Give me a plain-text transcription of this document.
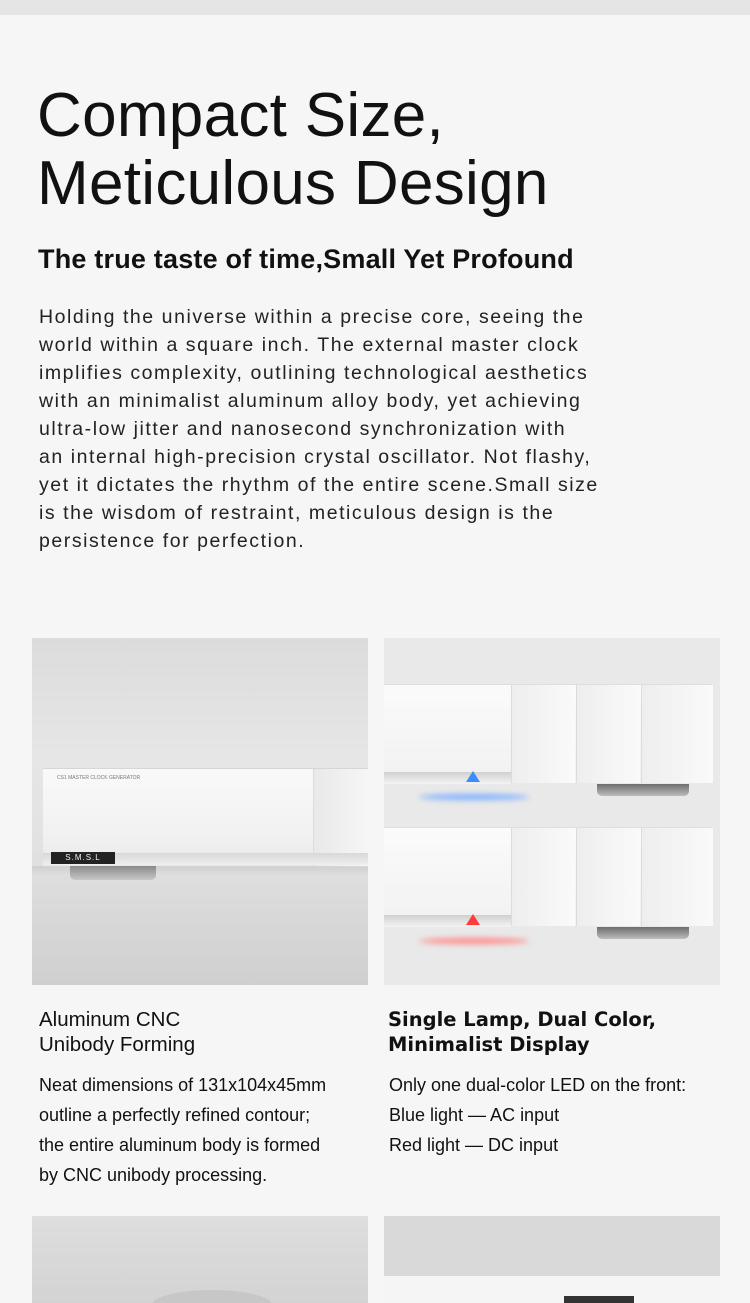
Compact Size,
Meticulous Design
The true taste of time,Small Yet Profound

Holding the universe within a precise core, seeing the
world within a square inch. The external master clock
implifies complexity, outlining technological aesthetics
with an minimalist aluminum alloy body, yet achieving
ultra-low jitter and nanosecond synchronization with
an internal high-precision crystal oscillator. Not flashy,
yet it dictates the rhythm of the entire scene.Small size
is the wisdom of restraint, meticulous design is the
persistence for perfection.

CS1 MASTER CLOCK GENERATOR
S.M.S.L
Aluminum CNC
Unibody Forming

Neat dimensions of 131x104x45mm
outline a perfectly refined contour;
the entire aluminum body is formed
by CNC unibody processing.

Single Lamp, Dual Color,
Minimalist Display

Only one dual-color LED on the front:
Blue light — AC input
Red light — DC input
